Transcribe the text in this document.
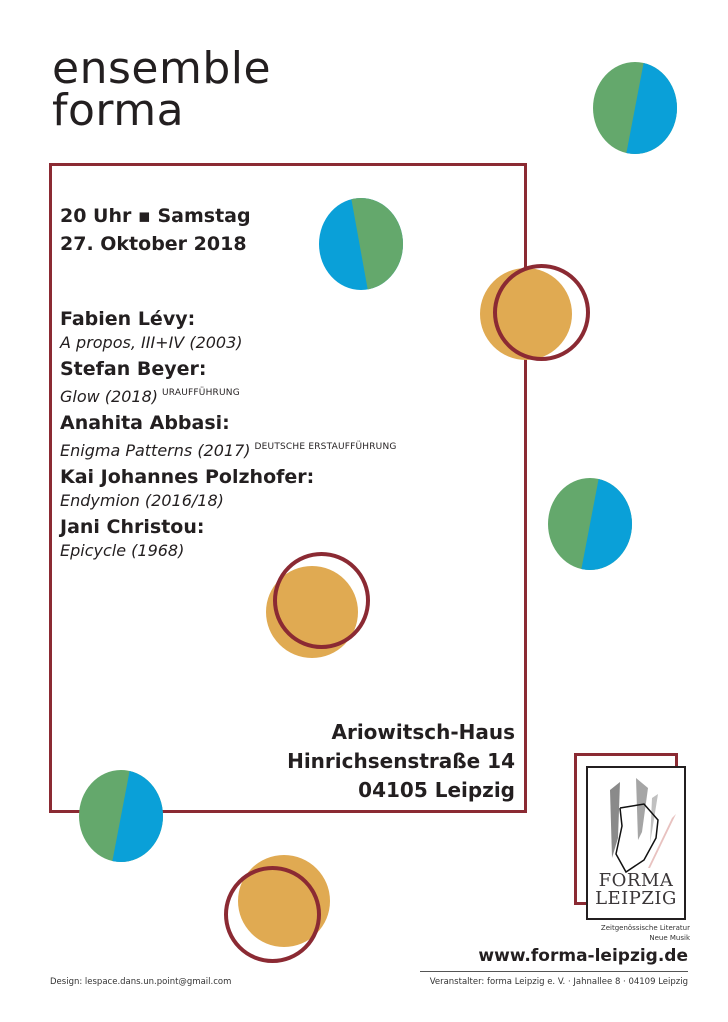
ensemble
forma
20 Uhr ▪ Samstag
27. Oktober 2018
Fabien Lévy:
A propos, III+IV (2003)
Stefan Beyer:
Glow (2018) $^{URAUFFÜHRUNG}$
Anahita Abbasi:
Enigma Patterns (2017) $^{DEUTSCHE ERSTAUFFÜHRUNG}$
Kai Johannes Polzhofer:
Endymion (2016/18)
Jani Christou:
Epicycle (1968)
Ariowitsch-Haus
Hinrichsenstraße 14
04105 Leipzig
FORMA
LEIPZIG
Zeitgenössische Literatur
Neue Musik
www.forma-leipzig.de
Veranstalter: forma Leipzig e. V. · Jahnallee 8 · 04109 Leipzig
Design: lespace.dans.un.point@gmail.com
